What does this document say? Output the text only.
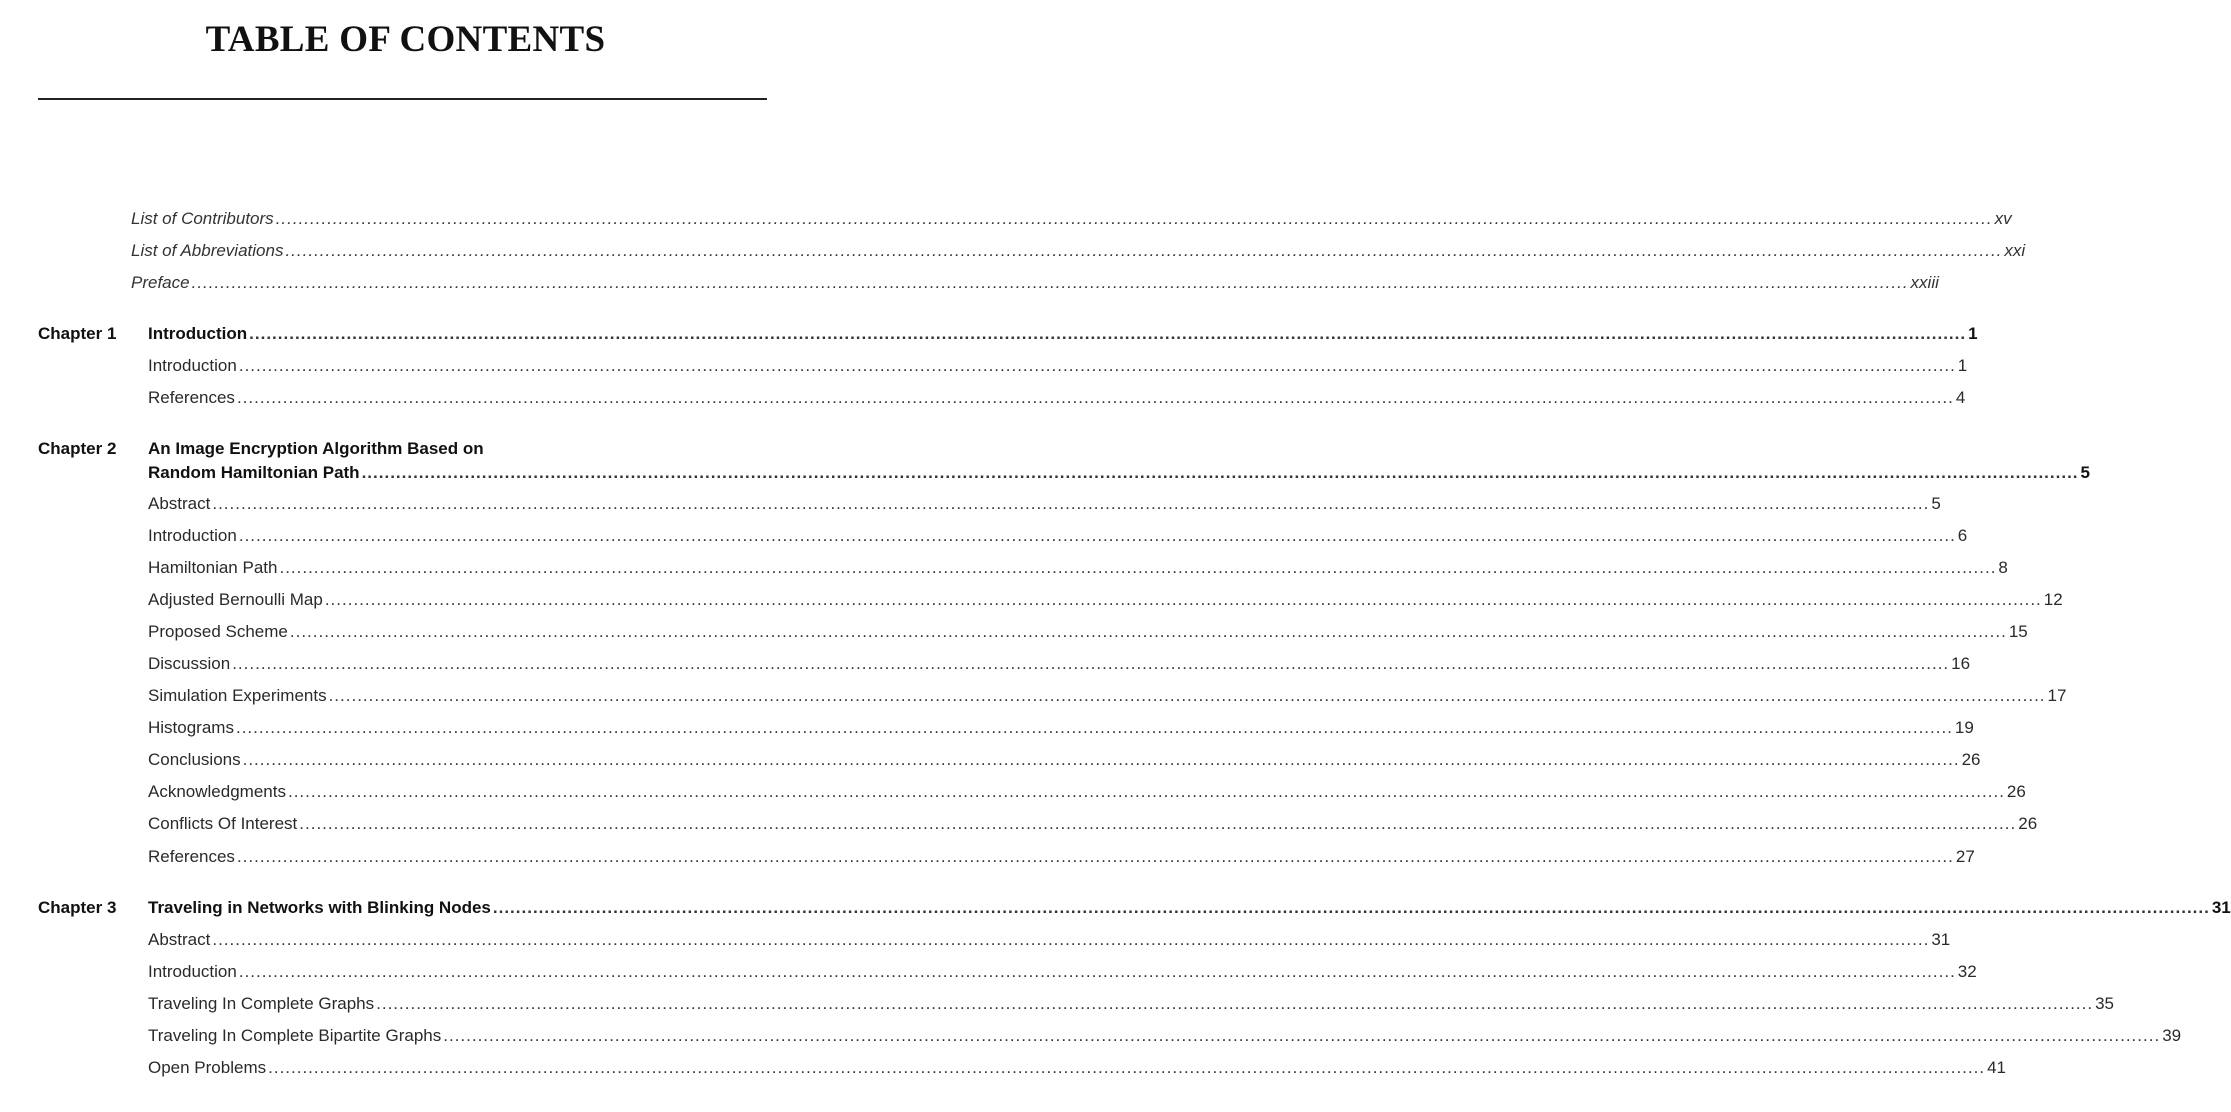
TABLE OF CONTENTS
List of Contributors ............................................................................................................................................................................................................................................................................................................ xv
List of Abbreviations ............................................................................................................................................................................................................................................................................................................ xxi
Preface ............................................................................................................................................................................................................................................................................................................ xxiii
Chapter 1 Introduction ............................................................................................................................................................................................................................................................................................................ 1
Introduction ............................................................................................................................................................................................................................................................................................................ 1
References ............................................................................................................................................................................................................................................................................................................ 4
Chapter 2 An Image Encryption Algorithm Based on
Random Hamiltonian Path ............................................................................................................................................................................................................................................................................................................ 5
Abstract ............................................................................................................................................................................................................................................................................................................ 5
Introduction ............................................................................................................................................................................................................................................................................................................ 6
Hamiltonian Path ............................................................................................................................................................................................................................................................................................................ 8
Adjusted Bernoulli Map ............................................................................................................................................................................................................................................................................................................ 12
Proposed Scheme ............................................................................................................................................................................................................................................................................................................ 15
Discussion ............................................................................................................................................................................................................................................................................................................ 16
Simulation Experiments ............................................................................................................................................................................................................................................................................................................ 17
Histograms ............................................................................................................................................................................................................................................................................................................ 19
Conclusions ............................................................................................................................................................................................................................................................................................................ 26
Acknowledgments ............................................................................................................................................................................................................................................................................................................ 26
Conflicts Of Interest ............................................................................................................................................................................................................................................................................................................ 26
References ............................................................................................................................................................................................................................................................................................................ 27
Chapter 3 Traveling in Networks with Blinking Nodes ............................................................................................................................................................................................................................................................................................................ 31
Abstract ............................................................................................................................................................................................................................................................................................................ 31
Introduction ............................................................................................................................................................................................................................................................................................................ 32
Traveling In Complete Graphs ............................................................................................................................................................................................................................................................................................................ 35
Traveling In Complete Bipartite Graphs ............................................................................................................................................................................................................................................................................................................ 39
Open Problems ............................................................................................................................................................................................................................................................................................................ 41
